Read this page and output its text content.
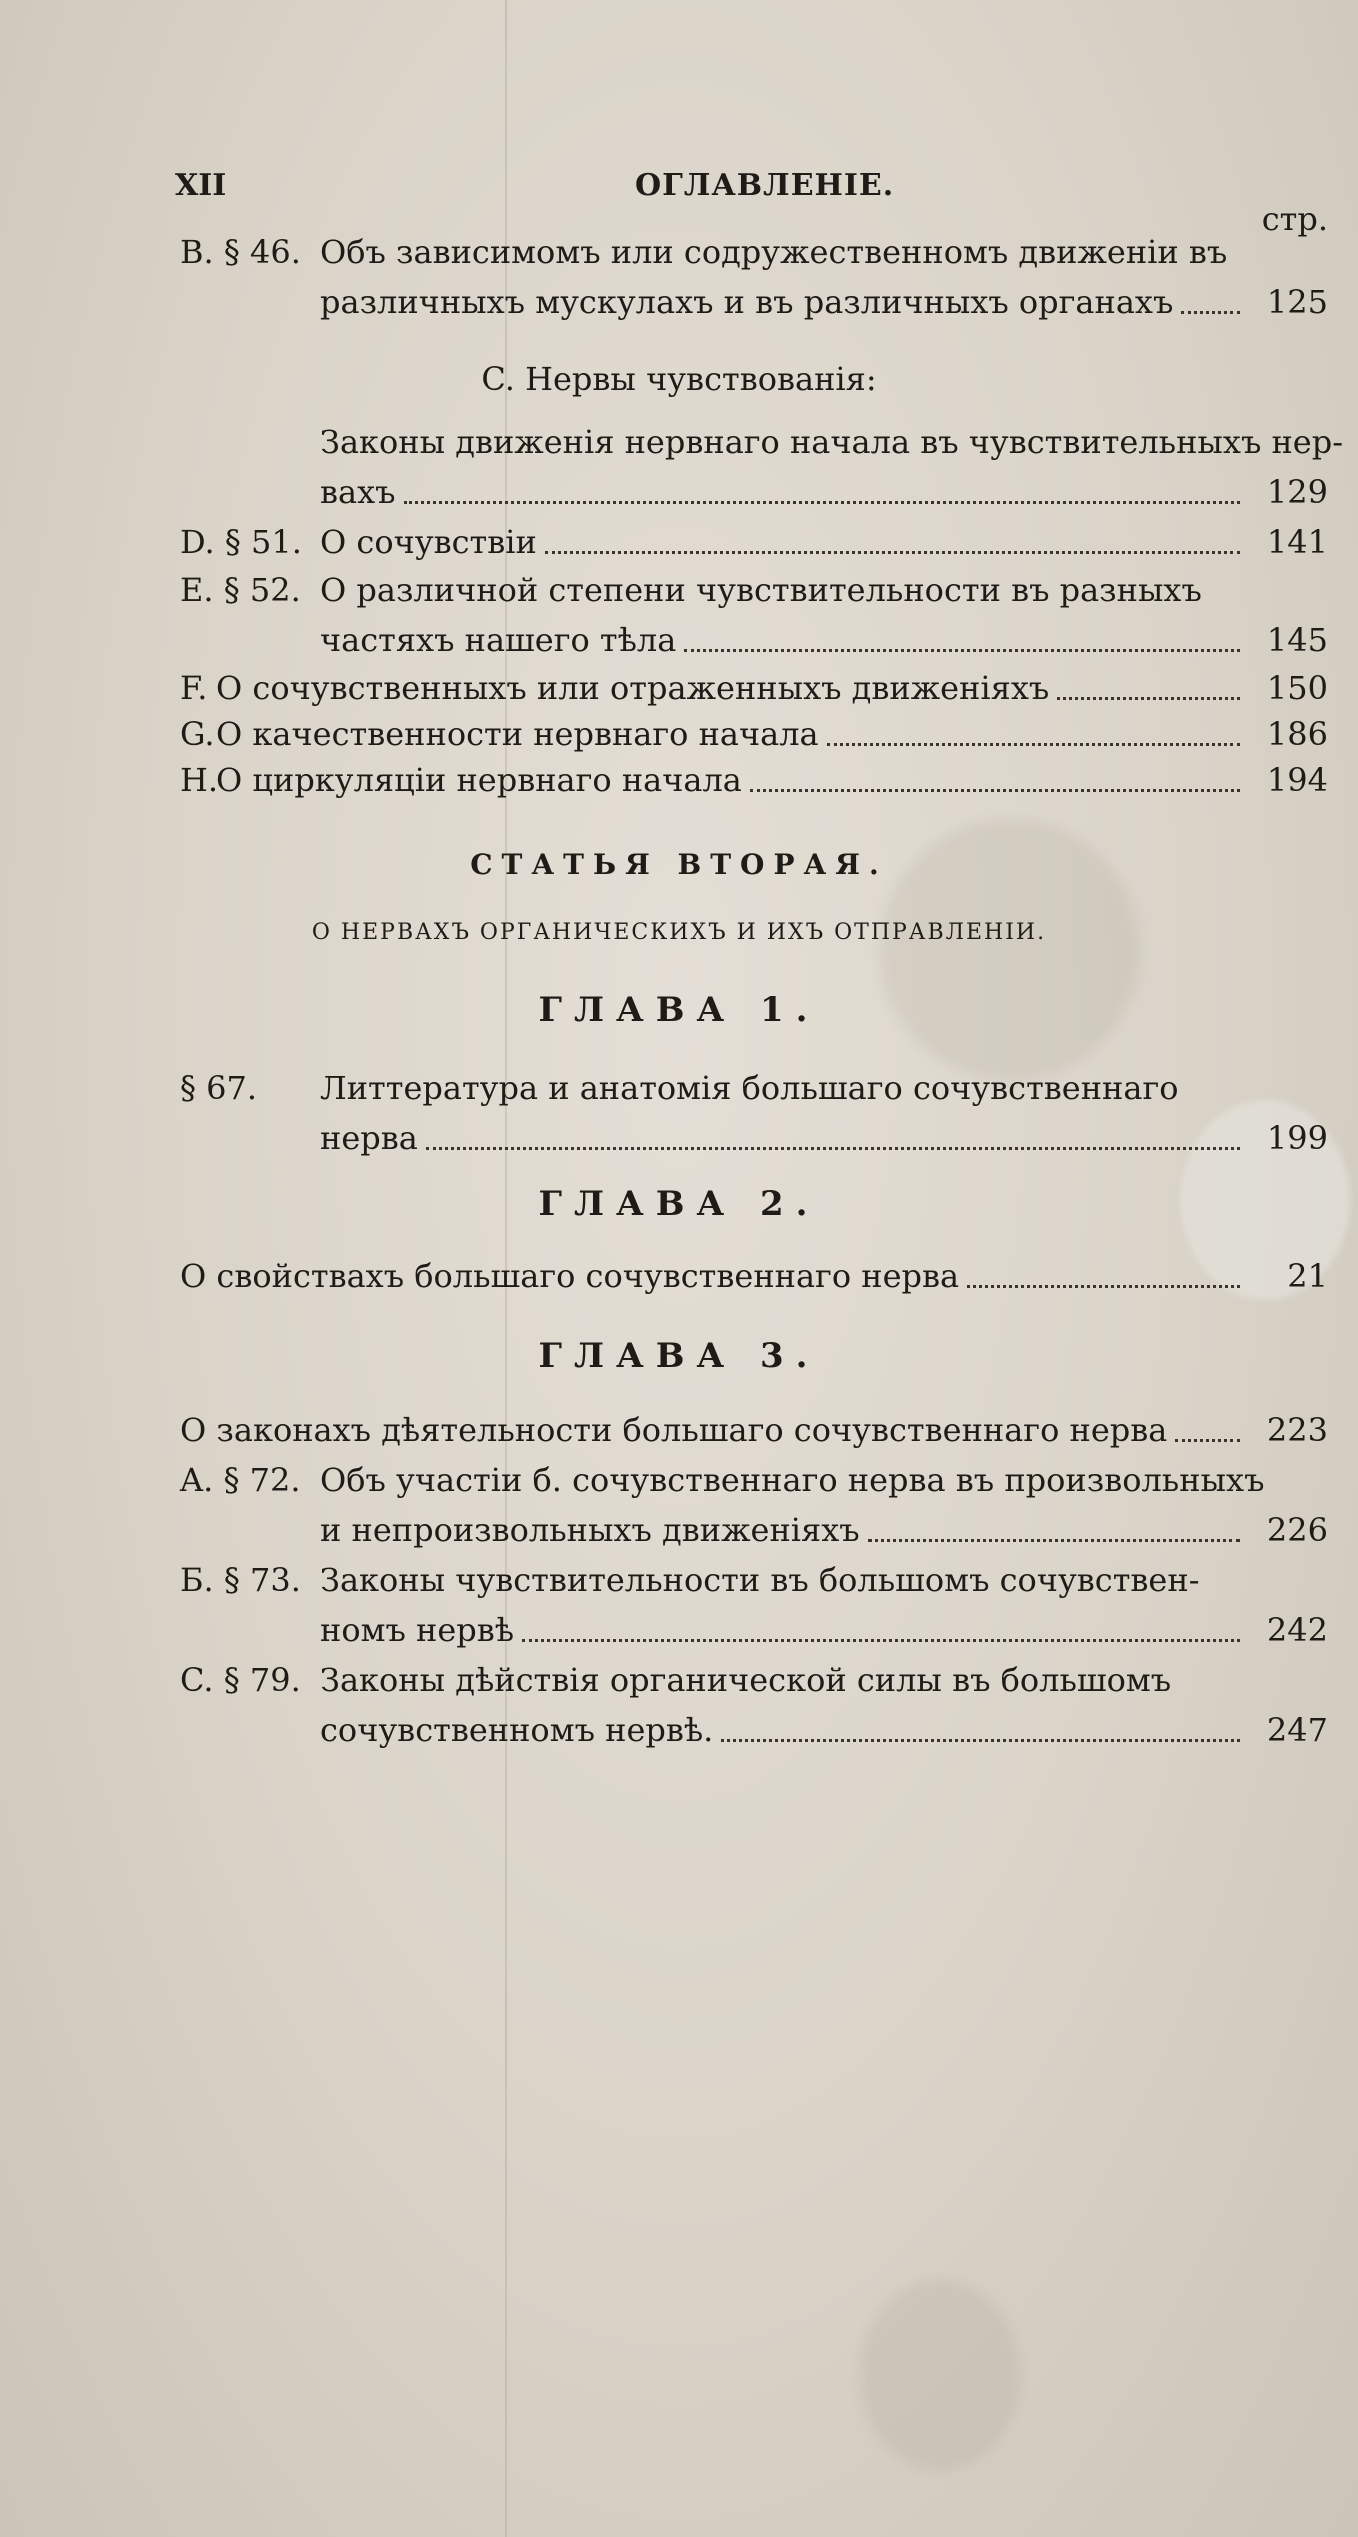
XII	ОГЛАВЛЕНІЕ.
стр.
B. § 46. Объ зависимомъ или содружественномъ движеніи въ
различныхъ мускулахъ и въ различныхъ органахъ	125
C. Нервы чувствованія:
Законы движенія нервнаго начала въ чувствительныхъ нер-
вахъ	129
D. § 51. О сочувствіи	141
E. § 52. О различной степени чувствительности въ разныхъ
частяхъ нашего тѣла	145
F. О сочувственныхъ или отраженныхъ движеніяхъ	150
G. О качественности нервнаго начала	186
H.
О циркуляціи нервнаго начала	194
СТАТЬЯ ВТОРАЯ.
О НЕРВАХЪ ОРГАНИЧЕСКИХЪ И ИХЪ ОТПРАВЛЕНІИ.
ГЛАВА 1.
§ 67.	Литтература и анатомія большаго сочувственнаго
нерва	199
ГЛАВА 2.
О свойствахъ большаго сочувственнаго нерва	21
ГЛАВА 3.
О законахъ дѣятельности большаго сочувственнаго нерва	223
A. § 72. Объ участіи б. сочувственнаго нерва въ произвольныхъ
и непроизвольныхъ движеніяхъ	226
Б. § 73. Законы чувствительности въ большомъ сочувствен-
номъ нервѣ	242
C. § 79. Законы дѣйствія органической силы въ большомъ
сочувственномъ нервѣ.	247
